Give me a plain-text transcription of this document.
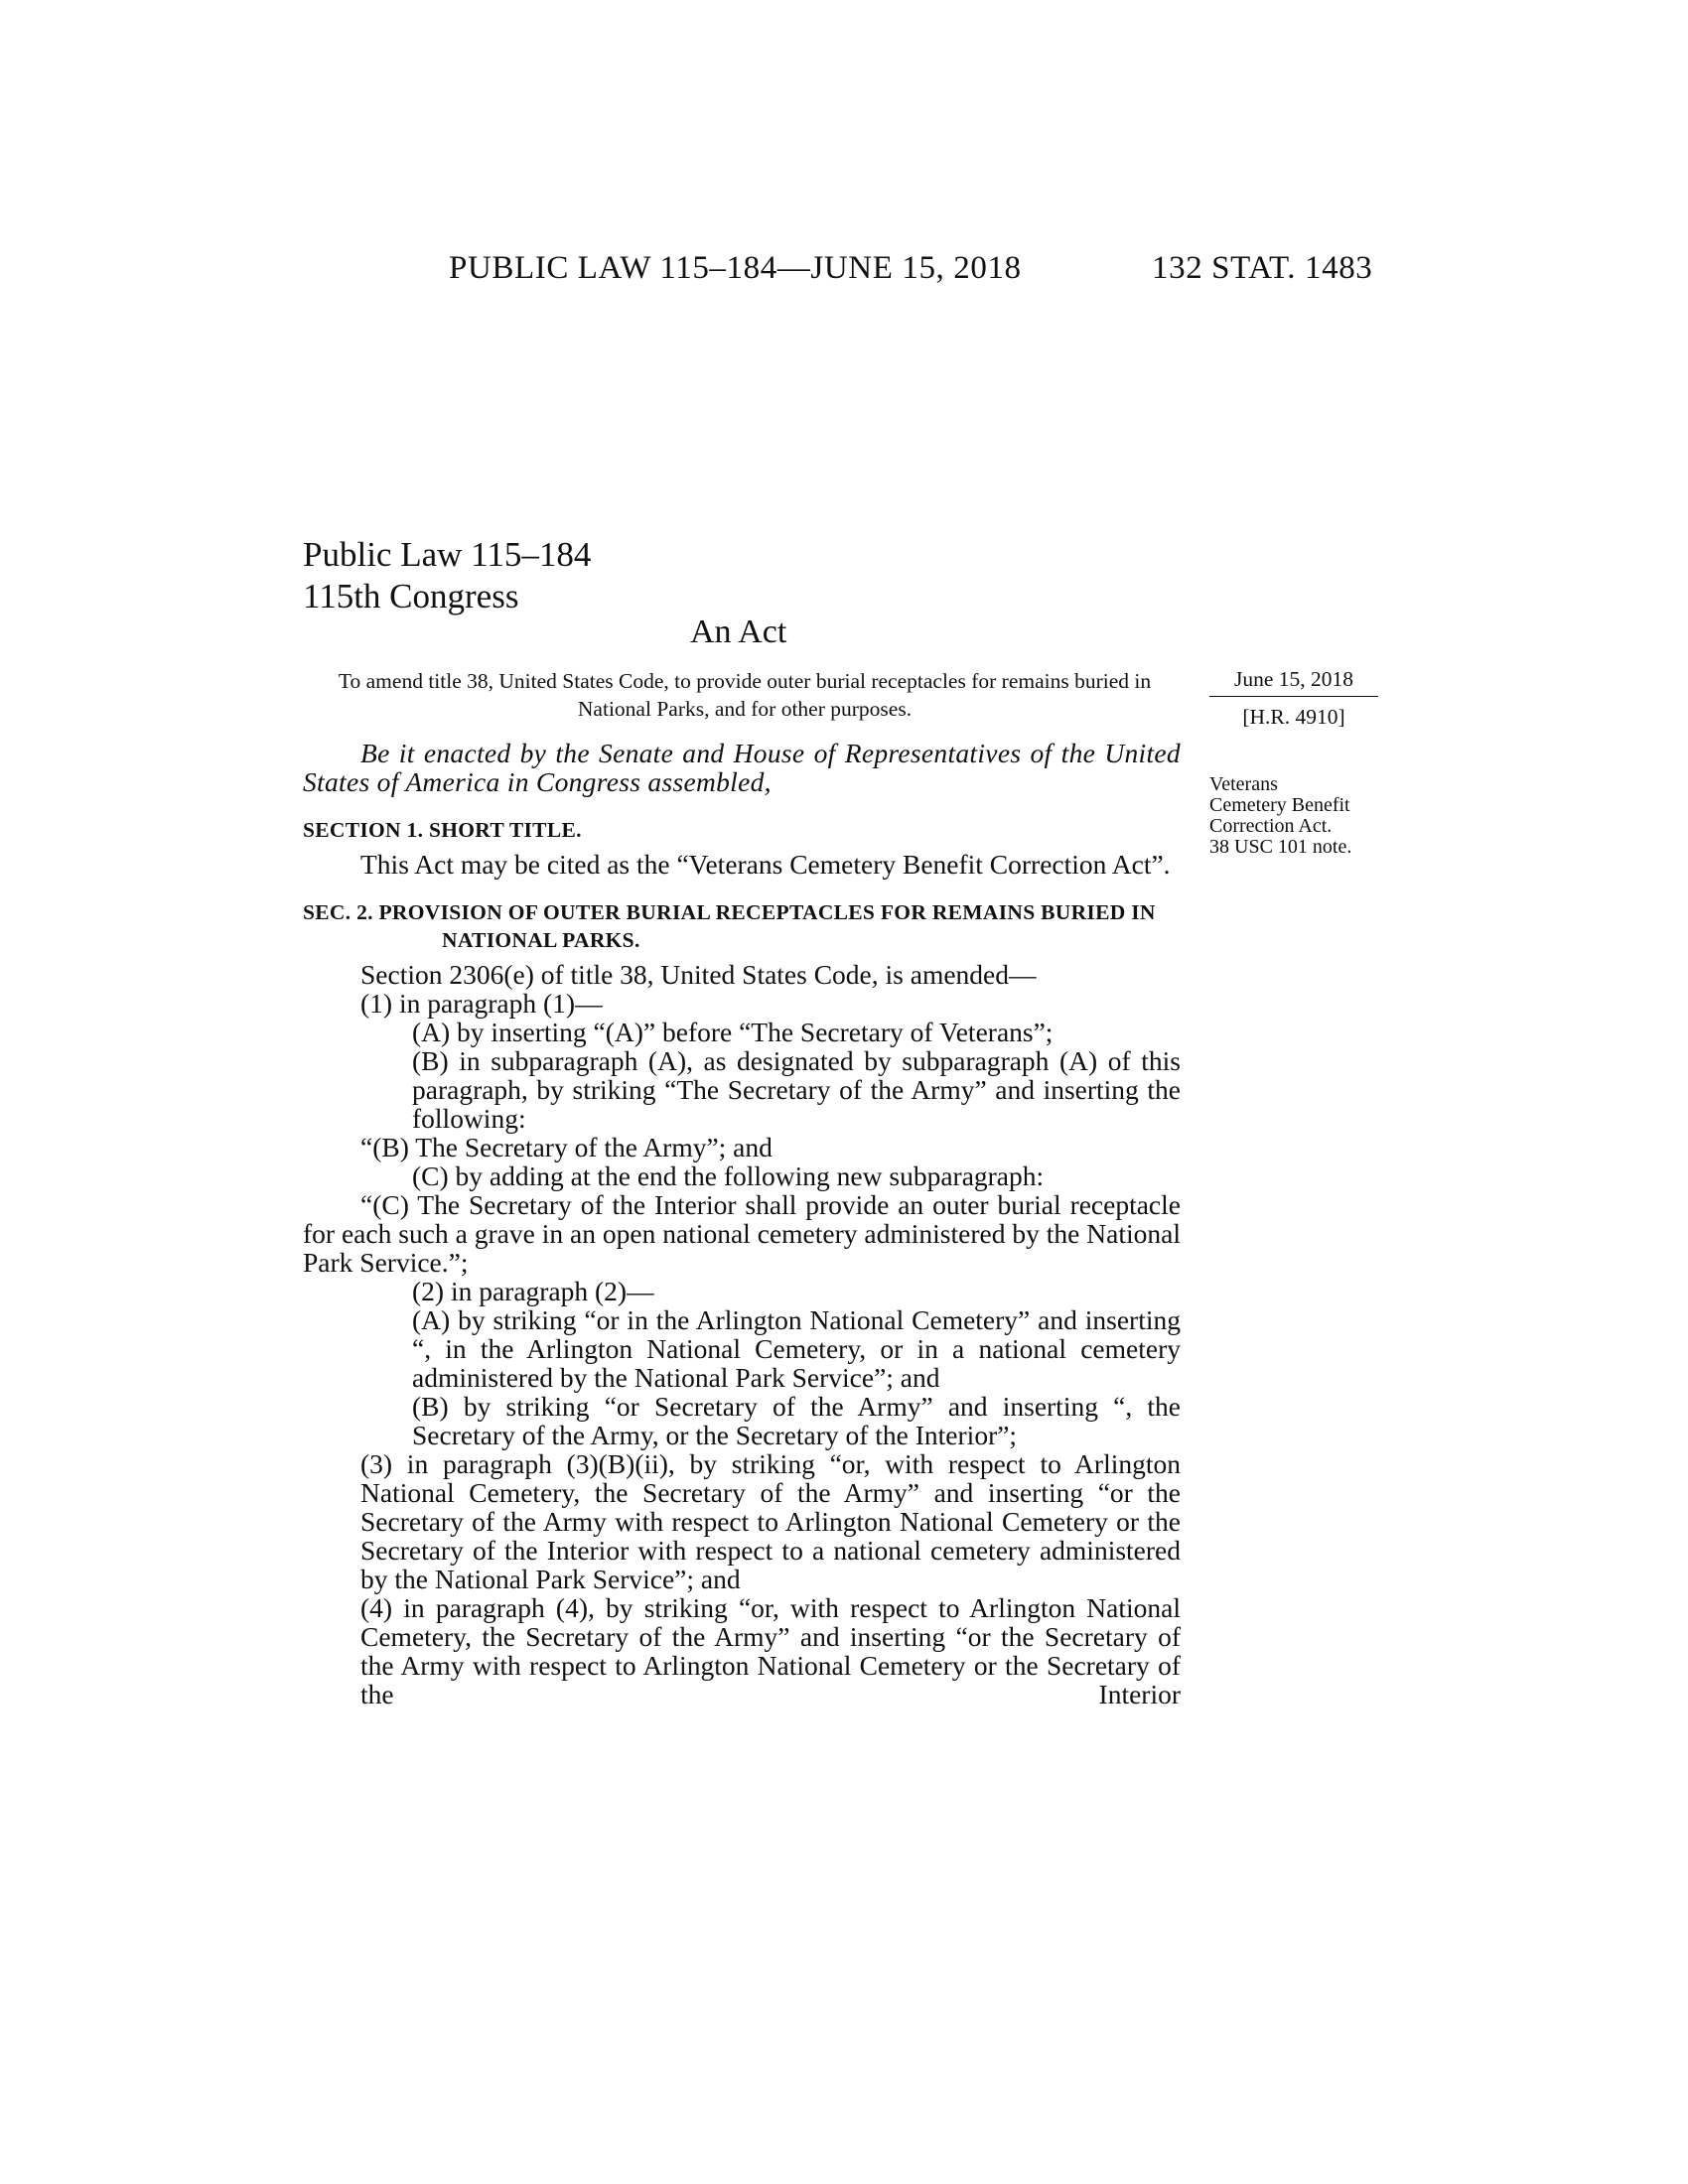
PUBLIC LAW 115–184—JUNE 15, 2018	132 STAT. 1483
Public Law 115–184
115th Congress
An Act
To amend title 38, United States Code, to provide outer burial receptacles for remains buried in National Parks, and for other purposes.
June 15, 2018
[H.R. 4910]
Veterans
Cemetery Benefit
Correction Act.
38 USC 101 note.

Be it enacted by the Senate and House of Representatives of the United States of America in Congress assembled,

SECTION 1. SHORT TITLE.

This Act may be cited as the “Veterans Cemetery Benefit Correction Act”.

SEC. 2. PROVISION OF OUTER BURIAL RECEPTACLES FOR REMAINS BURIED IN NATIONAL PARKS.

Section 2306(e) of title 38, United States Code, is amended—

(1) in paragraph (1)—

(A) by inserting “(A)” before “The Secretary of Veterans”;

(B) in subparagraph (A), as designated by subparagraph (A) of this paragraph, by striking “The Secretary of the Army” and inserting the following:

“(B) The Secretary of the Army”; and

(C) by adding at the end the following new subparagraph:

“(C) The Secretary of the Interior shall provide an outer burial receptacle for each such a grave in an open national cemetery administered by the National Park Service.”;

(2) in paragraph (2)—

(A) by striking “or in the Arlington National Cemetery” and inserting “, in the Arlington National Cemetery, or in a national cemetery administered by the National Park Service”; and

(B) by striking “or Secretary of the Army” and inserting “, the Secretary of the Army, or the Secretary of the Interior”;

(3) in paragraph (3)(B)(ii), by striking “or, with respect to Arlington National Cemetery, the Secretary of the Army” and inserting “or the Secretary of the Army with respect to Arlington National Cemetery or the Secretary of the Interior with respect to a national cemetery administered by the National Park Service”; and

(4) in paragraph (4), by striking “or, with respect to Arlington National Cemetery, the Secretary of the Army” and inserting “or the Secretary of the Army with respect to Arlington National Cemetery or the Secretary of the Interior
